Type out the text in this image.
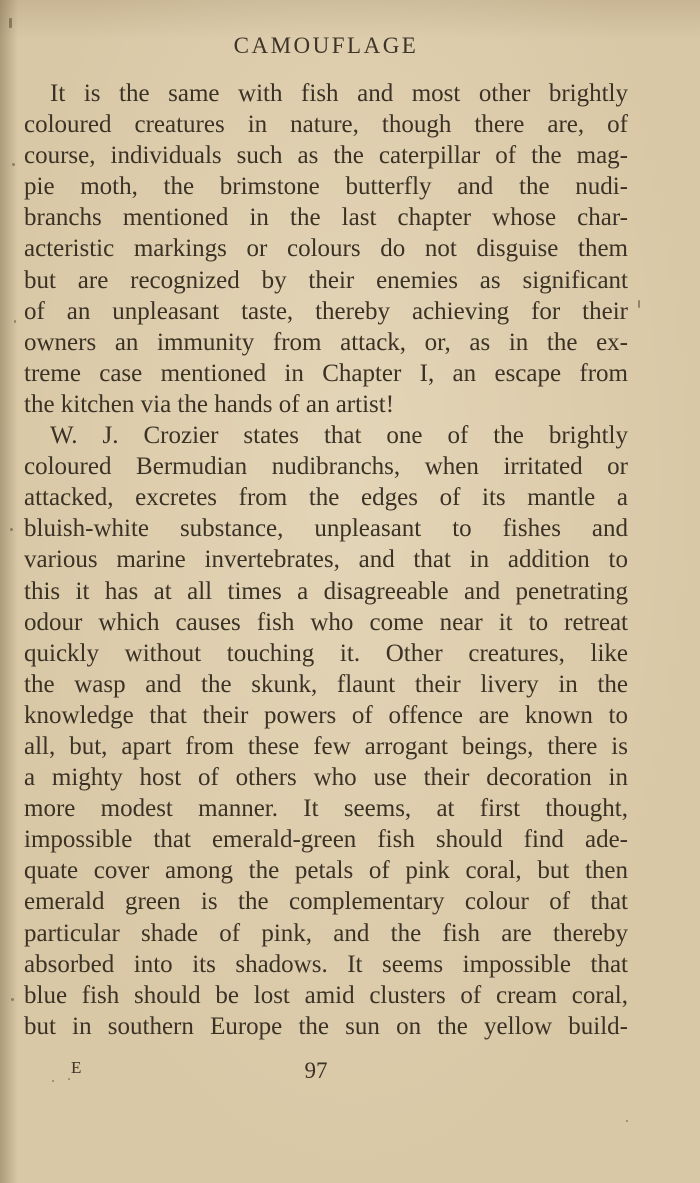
CAMOUFLAGE
It is the same with fish and most other brightly
coloured creatures in nature, though there are, of
course, individuals such as the caterpillar of the mag-
pie moth, the brimstone butterfly and the nudi-
branchs mentioned in the last chapter whose char-
acteristic markings or colours do not disguise them
but are recognized by their enemies as significant
of an unpleasant taste, thereby achieving for their
owners an immunity from attack, or, as in the ex-
treme case mentioned in Chapter I, an escape from
the kitchen via the hands of an artist!
W. J. Crozier states that one of the brightly
coloured Bermudian nudibranchs, when irritated or
attacked, excretes from the edges of its mantle a
bluish-white substance, unpleasant to fishes and
various marine invertebrates, and that in addition to
this it has at all times a disagreeable and penetrating
odour which causes fish who come near it to retreat
quickly without touching it. Other creatures, like
the wasp and the skunk, flaunt their livery in the
knowledge that their powers of offence are known to
all, but, apart from these few arrogant beings, there is
a mighty host of others who use their decoration in
more modest manner. It seems, at first thought,
impossible that emerald-green fish should find ade-
quate cover among the petals of pink coral, but then
emerald green is the complementary colour of that
particular shade of pink, and the fish are thereby
absorbed into its shadows. It seems impossible that
blue fish should be lost amid clusters of cream coral,
but in southern Europe the sun on the yellow build-
E	97
